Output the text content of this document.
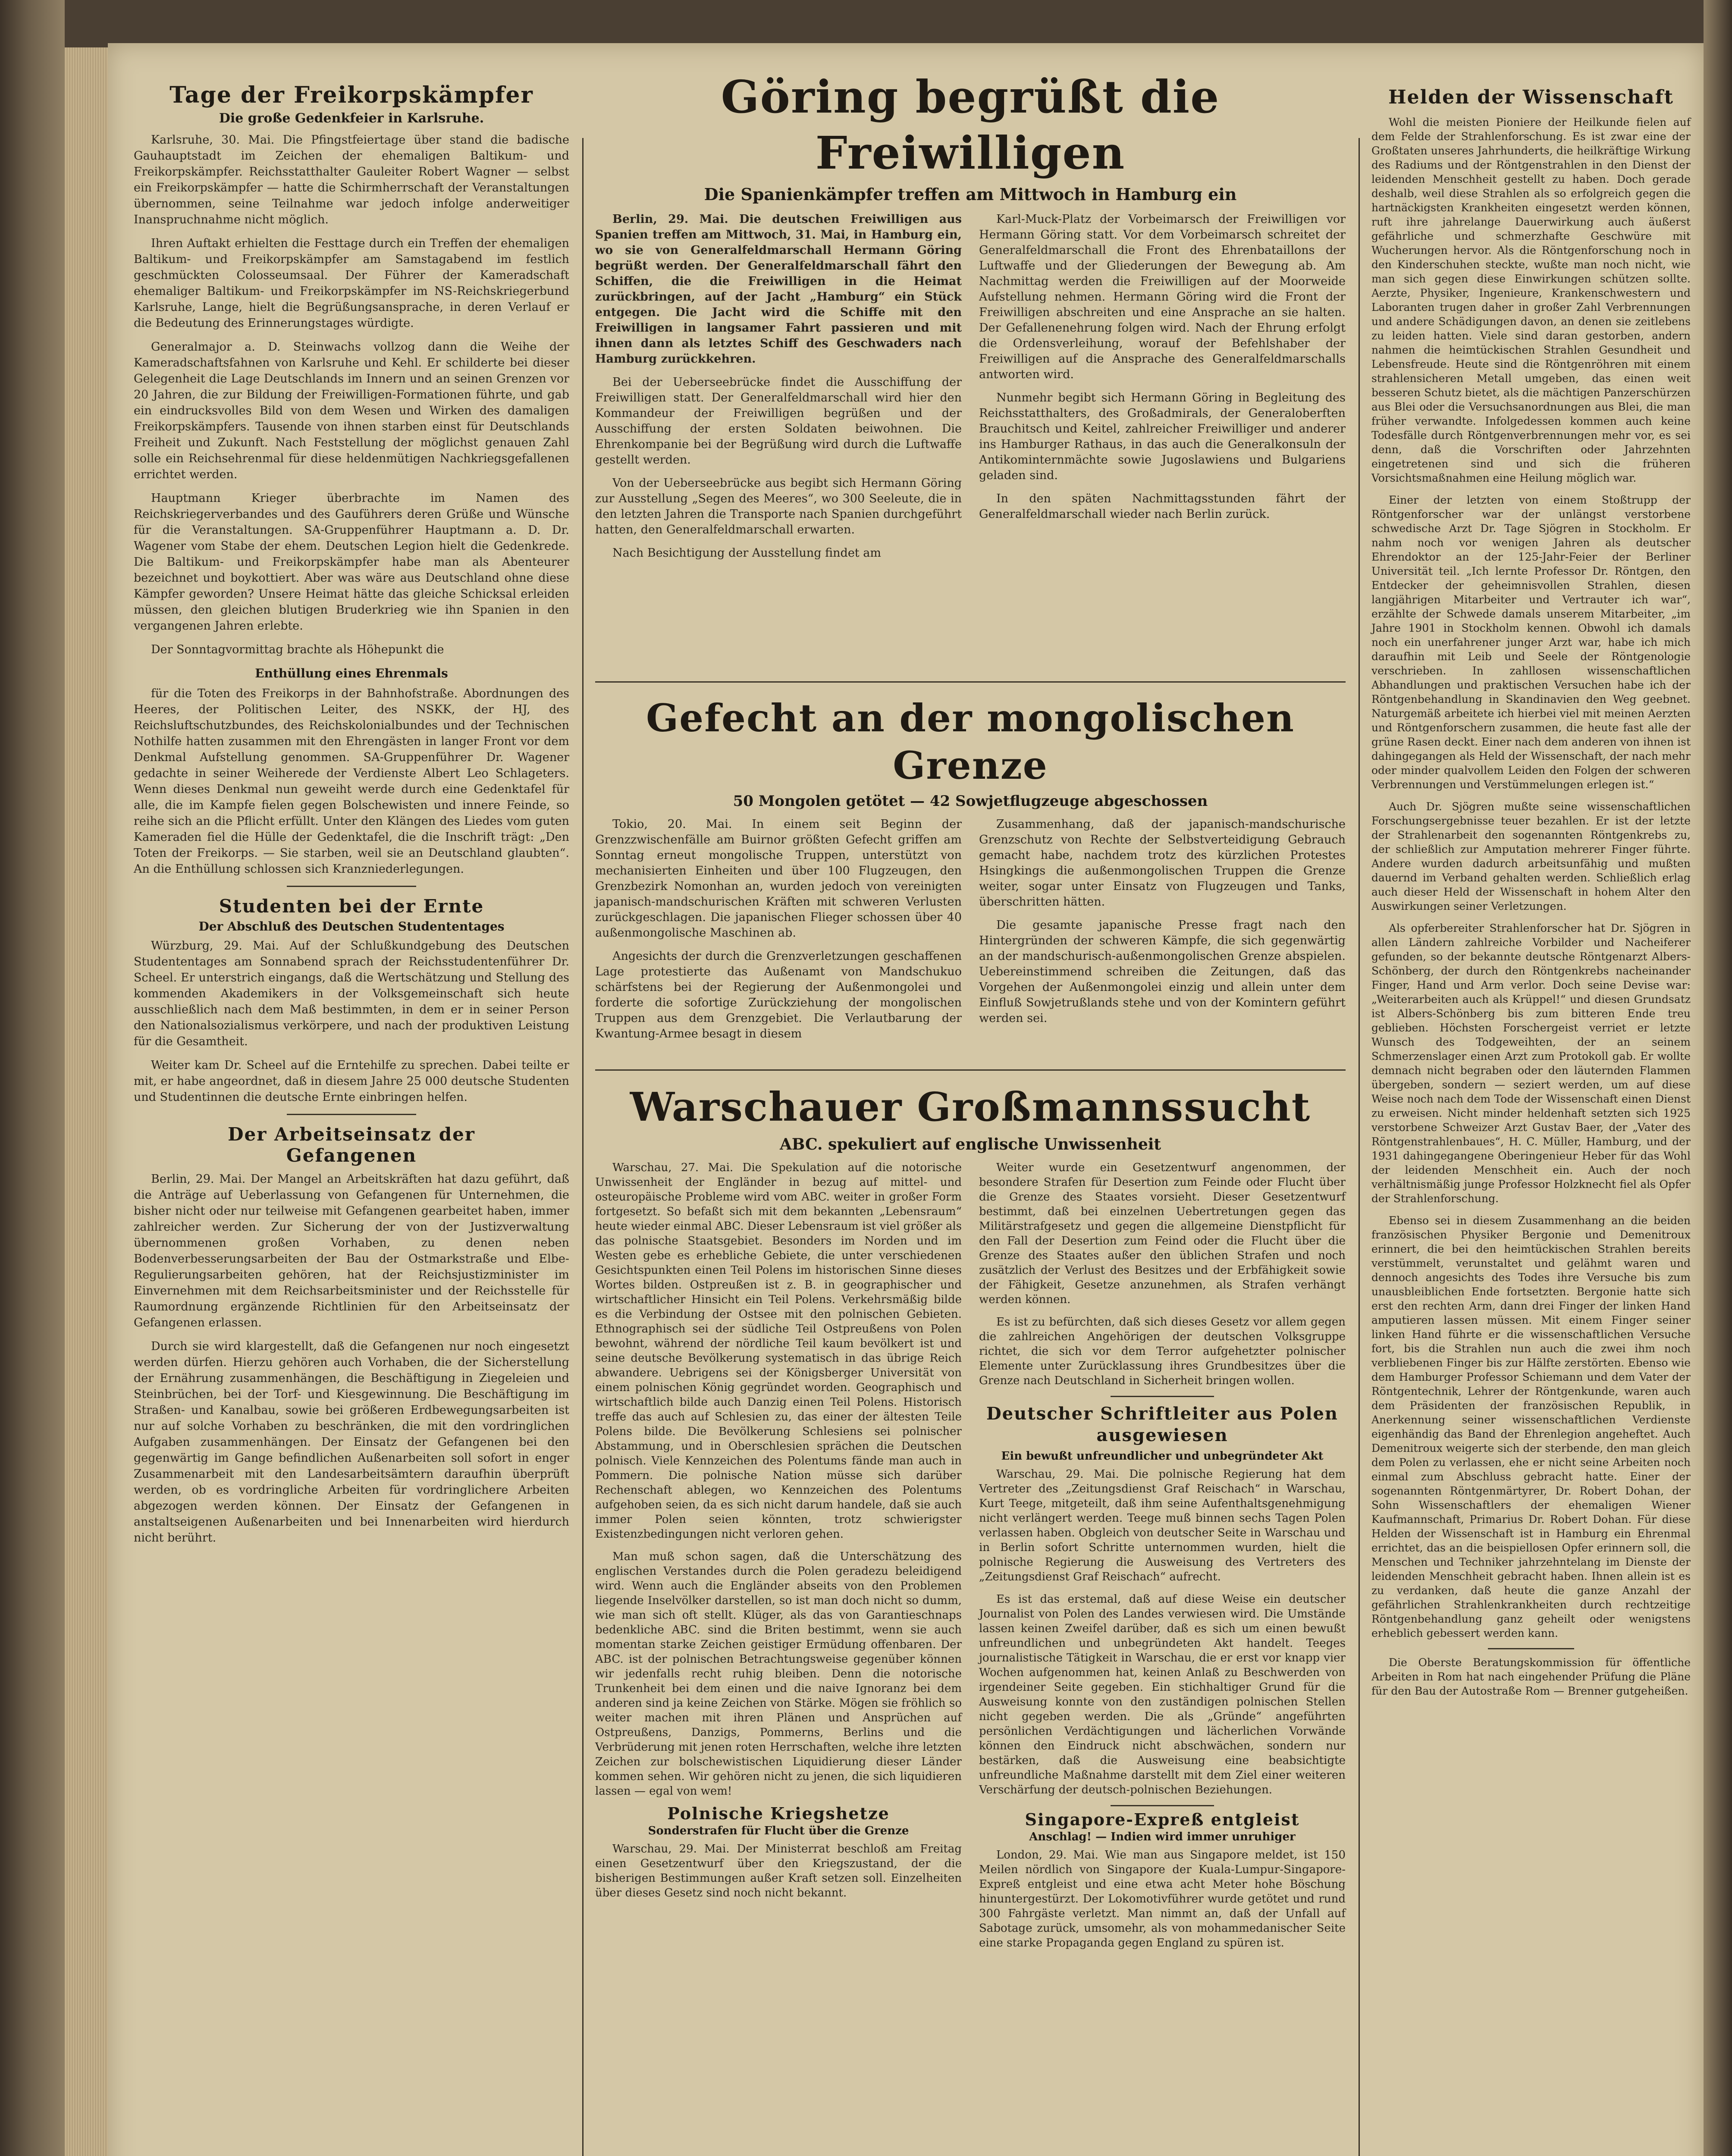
Tage der Freikorpskämpfer
Die große Gedenkfeier in Karlsruhe.

Karlsruhe, 30. Mai. Die Pfingstfeiertage über stand die badische Gauhauptstadt im Zeichen der ehemaligen Baltikum- und Freikorpskämpfer. Reichsstatthalter Gauleiter Robert Wagner — selbst ein Freikorpskämpfer — hatte die Schirmherrschaft der Veranstaltungen übernommen, seine Teilnahme war jedoch infolge anderweitiger Inanspruchnahme nicht möglich.

Ihren Auftakt erhielten die Festtage durch ein Treffen der ehemaligen Baltikum- und Freikorpskämpfer am Samstagabend im festlich geschmückten Colosseumsaal. Der Führer der Kameradschaft ehemaliger Baltikum- und Freikorpskämpfer im NS-Reichskriegerbund Karlsruhe, Lange, hielt die Begrüßungsansprache, in deren Verlauf er die Bedeutung des Erinnerungstages würdigte.

Generalmajor a. D. Steinwachs vollzog dann die Weihe der Kameradschaftsfahnen von Karlsruhe und Kehl. Er schilderte bei dieser Gelegenheit die Lage Deutschlands im Innern und an seinen Grenzen vor 20 Jahren, die zur Bildung der Freiwilligen-Formationen führte, und gab ein eindrucksvolles Bild von dem Wesen und Wirken des damaligen Freikorpskämpfers. Tausende von ihnen starben einst für Deutschlands Freiheit und Zukunft. Nach Feststellung der möglichst genauen Zahl solle ein Reichsehrenmal für diese heldenmütigen Nachkriegsgefallenen errichtet werden.

Hauptmann Krieger überbrachte im Namen des Reichskriegerverbandes und des Gauführers deren Grüße und Wünsche für die Veranstaltungen. SA-Gruppenführer Hauptmann a. D. Dr. Wagener vom Stabe der ehem. Deutschen Legion hielt die Gedenkrede. Die Baltikum- und Freikorpskämpfer habe man als Abenteurer bezeichnet und boykottiert. Aber was wäre aus Deutschland ohne diese Kämpfer geworden? Unsere Heimat hätte das gleiche Schicksal erleiden müssen, den gleichen blutigen Bruderkrieg wie ihn Spanien in den vergangenen Jahren erlebte.

Der Sonntagvormittag brachte als Höhepunkt die

Enthüllung eines Ehrenmals

für die Toten des Freikorps in der Bahnhofstraße. Abordnungen des Heeres, der Politischen Leiter, des NSKK, der HJ, des Reichsluftschutzbundes, des Reichskolonialbundes und der Technischen Nothilfe hatten zusammen mit den Ehrengästen in langer Front vor dem Denkmal Aufstellung genommen. SA-Gruppenführer Dr. Wagener gedachte in seiner Weiherede der Verdienste Albert Leo Schlageters. Wenn dieses Denkmal nun geweiht werde durch eine Gedenktafel für alle, die im Kampfe fielen gegen Bolschewisten und innere Feinde, so reihe sich an die Pflicht erfüllt. Unter den Klängen des Liedes vom guten Kameraden fiel die Hülle der Gedenktafel, die die Inschrift trägt: „Den Toten der Freikorps. — Sie starben, weil sie an Deutschland glaubten“. An die Enthüllung schlossen sich Kranzniederlegungen.

Studenten bei der Ernte
Der Abschluß des Deutschen Studententages

Würzburg, 29. Mai. Auf der Schlußkundgebung des Deutschen Studententages am Sonnabend sprach der Reichsstudentenführer Dr. Scheel. Er unterstrich eingangs, daß die Wertschätzung und Stellung des kommenden Akademikers in der Volksgemeinschaft sich heute ausschließlich nach dem Maß bestimmten, in dem er in seiner Person den Nationalsozialismus verkörpere, und nach der produktiven Leistung für die Gesamtheit.

Weiter kam Dr. Scheel auf die Erntehilfe zu sprechen. Dabei teilte er mit, er habe angeordnet, daß in diesem Jahre 25 000 deutsche Studenten und Studentinnen die deutsche Ernte einbringen helfen.

Der Arbeitseinsatz der Gefangenen

Berlin, 29. Mai. Der Mangel an Arbeitskräften hat dazu geführt, daß die Anträge auf Ueberlassung von Gefangenen für Unternehmen, die bisher nicht oder nur teilweise mit Gefangenen gearbeitet haben, immer zahlreicher werden. Zur Sicherung der von der Justizverwaltung übernommenen großen Vorhaben, zu denen neben Bodenverbesserungsarbeiten der Bau der Ostmarkstraße und Elbe-Regulierungsarbeiten gehören, hat der Reichsjustizminister im Einvernehmen mit dem Reichsarbeitsminister und der Reichsstelle für Raumordnung ergänzende Richtlinien für den Arbeitseinsatz der Gefangenen erlassen.

Durch sie wird klargestellt, daß die Gefangenen nur noch eingesetzt werden dürfen. Hierzu gehören auch Vorhaben, die der Sicherstellung der Ernährung zusammenhängen, die Beschäftigung in Ziegeleien und Steinbrüchen, bei der Torf- und Kiesgewinnung. Die Beschäftigung im Straßen- und Kanalbau, sowie bei größeren Erdbewegungsarbeiten ist nur auf solche Vorhaben zu beschränken, die mit den vordringlichen Aufgaben zusammenhängen. Der Einsatz der Gefangenen bei den gegenwärtig im Gange befindlichen Außenarbeiten soll sofort in enger Zusammenarbeit mit den Landesarbeitsämtern daraufhin überprüft werden, ob es vordringliche Arbeiten für vordringlichere Arbeiten abgezogen werden können. Der Einsatz der Gefangenen in anstaltseigenen Außenarbeiten und bei Innenarbeiten wird hierdurch nicht berührt.

Göring begrüßt die Freiwilligen
Die Spanienkämpfer treffen am Mittwoch in Hamburg ein

Berlin, 29. Mai. Die deutschen Freiwilligen aus Spanien treffen am Mittwoch, 31. Mai, in Hamburg ein, wo sie von Generalfeldmarschall Hermann Göring begrüßt werden. Der Generalfeldmarschall fährt den Schiffen, die die Freiwilligen in die Heimat zurückbringen, auf der Jacht „Hamburg“ ein Stück entgegen. Die Jacht wird die Schiffe mit den Freiwilligen in langsamer Fahrt passieren und mit ihnen dann als letztes Schiff des Geschwaders nach Hamburg zurückkehren.

Bei der Ueberseebrücke findet die Ausschiffung der Freiwilligen statt. Der Generalfeldmarschall wird hier den Kommandeur der Freiwilligen begrüßen und der Ausschiffung der ersten Soldaten beiwohnen. Die Ehrenkompanie bei der Begrüßung wird durch die Luftwaffe gestellt werden.

Von der Ueberseebrücke aus begibt sich Hermann Göring zur Ausstellung „Segen des Meeres“, wo 300 Seeleute, die in den letzten Jahren die Transporte nach Spanien durchgeführt hatten, den Generalfeldmarschall erwarten.

Nach Besichtigung der Ausstellung findet am

Karl-Muck-Platz der Vorbeimarsch der Freiwilligen vor Hermann Göring statt. Vor dem Vorbeimarsch schreitet der Generalfeldmarschall die Front des Ehrenbataillons der Luftwaffe und der Gliederungen der Bewegung ab. Am Nachmittag werden die Freiwilligen auf der Moorweide Aufstellung nehmen. Hermann Göring wird die Front der Freiwilligen abschreiten und eine Ansprache an sie halten. Der Gefallenenehrung folgen wird. Nach der Ehrung erfolgt die Ordensverleihung, worauf der Befehlshaber der Freiwilligen auf die Ansprache des Generalfeldmarschalls antworten wird.

Nunmehr begibt sich Hermann Göring in Begleitung des Reichsstatthalters, des Großadmirals, der Generaloberften Brauchitsch und Keitel, zahlreicher Freiwilliger und anderer ins Hamburger Rathaus, in das auch die Generalkonsuln der Antikominternmächte sowie Jugoslawiens und Bulgariens geladen sind.

In den späten Nachmittagsstunden fährt der Generalfeldmarschall wieder nach Berlin zurück.

Gefecht an der mongolischen Grenze
50 Mongolen getötet — 42 Sowjetflugzeuge abgeschossen

Tokio, 20. Mai. In einem seit Beginn der Grenzzwischenfälle am Buirnor größten Gefecht griffen am Sonntag erneut mongolische Truppen, unterstützt von mechanisierten Einheiten und über 100 Flugzeugen, den Grenzbezirk Nomonhan an, wurden jedoch von vereinigten japanisch-mandschurischen Kräften mit schweren Verlusten zurückgeschlagen. Die japanischen Flieger schossen über 40 außenmongolische Maschinen ab.

Angesichts der durch die Grenzverletzungen geschaffenen Lage protestierte das Außenamt von Mandschukuo schärfstens bei der Regierung der Außenmongolei und forderte die sofortige Zurückziehung der mongolischen Truppen aus dem Grenzgebiet. Die Verlautbarung der Kwantung-Armee besagt in diesem

Zusammenhang, daß der japanisch-mandschurische Grenzschutz von Rechte der Selbstverteidigung Gebrauch gemacht habe, nachdem trotz des kürzlichen Protestes Hsingkings die außenmongolischen Truppen die Grenze weiter, sogar unter Einsatz von Flugzeugen und Tanks, überschritten hätten.

Die gesamte japanische Presse fragt nach den Hintergründen der schweren Kämpfe, die sich gegenwärtig an der mandschurisch-außenmongolischen Grenze abspielen. Uebereinstimmend schreiben die Zeitungen, daß das Vorgehen der Außenmongolei einzig und allein unter dem Einfluß Sowjetrußlands stehe und von der Komintern geführt werden sei.

Warschauer Großmannssucht
ABC. spekuliert auf englische Unwissenheit

Warschau, 27. Mai. Die Spekulation auf die notorische Unwissenheit der Engländer in bezug auf mittel- und osteuropäische Probleme wird vom ABC. weiter in großer Form fortgesetzt. So befaßt sich mit dem bekannten „Lebensraum“ heute wieder einmal ABC. Dieser Lebensraum ist viel größer als das polnische Staatsgebiet. Besonders im Norden und im Westen gebe es erhebliche Gebiete, die unter verschiedenen Gesichtspunkten einen Teil Polens im historischen Sinne dieses Wortes bilden. Ostpreußen ist z. B. in geographischer und wirtschaftlicher Hinsicht ein Teil Polens. Verkehrsmäßig bilde es die Verbindung der Ostsee mit den polnischen Gebieten. Ethnographisch sei der südliche Teil Ostpreußens von Polen bewohnt, während der nördliche Teil kaum bevölkert ist und seine deutsche Bevölkerung systematisch in das übrige Reich abwandere. Uebrigens sei der Königsberger Universität von einem polnischen König gegründet worden. Geographisch und wirtschaftlich bilde auch Danzig einen Teil Polens. Historisch treffe das auch auf Schlesien zu, das einer der ältesten Teile Polens bilde. Die Bevölkerung Schlesiens sei polnischer Abstammung, und in Oberschlesien sprächen die Deutschen polnisch. Viele Kennzeichen des Polentums fände man auch in Pommern. Die polnische Nation müsse sich darüber Rechenschaft ablegen, wo Kennzeichen des Polentums aufgehoben seien, da es sich nicht darum handele, daß sie auch immer Polen seien könnten, trotz schwierigster Existenzbedingungen nicht verloren gehen.

Man muß schon sagen, daß die Unterschätzung des englischen Verstandes durch die Polen geradezu beleidigend wird. Wenn auch die Engländer abseits von den Problemen liegende Inselvölker darstellen, so ist man doch nicht so dumm, wie man sich oft stellt. Klüger, als das von Garantieschnaps bedenkliche ABC. sind die Briten bestimmt, wenn sie auch momentan starke Zeichen geistiger Ermüdung offenbaren. Der ABC. ist der polnischen Betrachtungsweise gegenüber können wir jedenfalls recht ruhig bleiben. Denn die notorische Trunkenheit bei dem einen und die naive Ignoranz bei dem anderen sind ja keine Zeichen von Stärke. Mögen sie fröhlich so weiter machen mit ihren Plänen und Ansprüchen auf Ostpreußens, Danzigs, Pommerns, Berlins und die Verbrüderung mit jenen roten Herrschaften, welche ihre letzten Zeichen zur bolschewistischen Liquidierung dieser Länder kommen sehen. Wir gehören nicht zu jenen, die sich liquidieren lassen — egal von wem!

Polnische Kriegshetze
Sonderstrafen für Flucht über die Grenze

Warschau, 29. Mai. Der Ministerrat beschloß am Freitag einen Gesetzentwurf über den Kriegszustand, der die bisherigen Bestimmungen außer Kraft setzen soll. Einzelheiten über dieses Gesetz sind noch nicht bekannt.

Weiter wurde ein Gesetzentwurf angenommen, der besondere Strafen für Desertion zum Feinde oder Flucht über die Grenze des Staates vorsieht. Dieser Gesetzentwurf bestimmt, daß bei einzelnen Uebertretungen gegen das Militärstrafgesetz und gegen die allgemeine Dienstpflicht für den Fall der Desertion zum Feind oder die Flucht über die Grenze des Staates außer den üblichen Strafen und noch zusätzlich der Verlust des Besitzes und der Erbfähigkeit sowie der Fähigkeit, Gesetze anzunehmen, als Strafen verhängt werden können.

Es ist zu befürchten, daß sich dieses Gesetz vor allem gegen die zahlreichen Angehörigen der deutschen Volksgruppe richtet, die sich vor dem Terror aufgehetzter polnischer Elemente unter Zurücklassung ihres Grundbesitzes über die Grenze nach Deutschland in Sicherheit bringen wollen.

Deutscher Schriftleiter aus Polen ausgewiesen
Ein bewußt unfreundlicher und unbegründeter Akt

Warschau, 29. Mai. Die polnische Regierung hat dem Vertreter des „Zeitungsdienst Graf Reischach“ in Warschau, Kurt Teege, mitgeteilt, daß ihm seine Aufenthaltsgenehmigung nicht verlängert werden. Teege muß binnen sechs Tagen Polen verlassen haben. Obgleich von deutscher Seite in Warschau und in Berlin sofort Schritte unternommen wurden, hielt die polnische Regierung die Ausweisung des Vertreters des „Zeitungsdienst Graf Reischach“ aufrecht.

Es ist das erstemal, daß auf diese Weise ein deutscher Journalist von Polen des Landes verwiesen wird. Die Umstände lassen keinen Zweifel darüber, daß es sich um einen bewußt unfreundlichen und unbegründeten Akt handelt. Teeges journalistische Tätigkeit in Warschau, die er erst vor knapp vier Wochen aufgenommen hat, keinen Anlaß zu Beschwerden von irgendeiner Seite gegeben. Ein stichhaltiger Grund für die Ausweisung konnte von den zuständigen polnischen Stellen nicht gegeben werden. Die als „Gründe“ angeführten persönlichen Verdächtigungen und lächerlichen Vorwände können den Eindruck nicht abschwächen, sondern nur bestärken, daß die Ausweisung eine beabsichtigte unfreundliche Maßnahme darstellt mit dem Ziel einer weiteren Verschärfung der deutsch-polnischen Beziehungen.

Singapore-Expreß entgleist
Anschlag! — Indien wird immer unruhiger

London, 29. Mai. Wie man aus Singapore meldet, ist 150 Meilen nördlich von Singapore der Kuala-Lumpur-Singapore-Expreß entgleist und eine etwa acht Meter hohe Böschung hinuntergestürzt. Der Lokomotivführer wurde getötet und rund 300 Fahrgäste verletzt. Man nimmt an, daß der Unfall auf Sabotage zurück, umsomehr, als von mohammedanischer Seite eine starke Propaganda gegen England zu spüren ist.

Helden der Wissenschaft

Wohl die meisten Pioniere der Heilkunde fielen auf dem Felde der Strahlenforschung. Es ist zwar eine der Großtaten unseres Jahrhunderts, die heilkräftige Wirkung des Radiums und der Röntgenstrahlen in den Dienst der leidenden Menschheit gestellt zu haben. Doch gerade deshalb, weil diese Strahlen als so erfolgreich gegen die hartnäckigsten Krankheiten eingesetzt werden können, ruft ihre jahrelange Dauerwirkung auch äußerst gefährliche und schmerzhafte Geschwüre mit Wucherungen hervor. Als die Röntgenforschung noch in den Kinderschuhen steckte, wußte man noch nicht, wie man sich gegen diese Einwirkungen schützen sollte. Aerzte, Physiker, Ingenieure, Krankenschwestern und Laboranten trugen daher in großer Zahl Verbrennungen und andere Schädigungen davon, an denen sie zeitlebens zu leiden hatten. Viele sind daran gestorben, andern nahmen die heimtückischen Strahlen Gesundheit und Lebensfreude. Heute sind die Röntgenröhren mit einem strahlensicheren Metall umgeben, das einen weit besseren Schutz bietet, als die mächtigen Panzerschürzen aus Blei oder die Versuchsanordnungen aus Blei, die man früher verwandte. Infolgedessen kommen auch keine Todesfälle durch Röntgenverbrennungen mehr vor, es sei denn, daß die Vorschriften oder Jahrzehnten eingetretenen sind und sich die früheren Vorsichtsmaßnahmen eine Heilung möglich war.

Einer der letzten von einem Stoßtrupp der Röntgenforscher war der unlängst verstorbene schwedische Arzt Dr. Tage Sjögren in Stockholm. Er nahm noch vor wenigen Jahren als deutscher Ehrendoktor an der 125-Jahr-Feier der Berliner Universität teil. „Ich lernte Professor Dr. Röntgen, den Entdecker der geheimnisvollen Strahlen, diesen langjährigen Mitarbeiter und Vertrauter ich war“, erzählte der Schwede damals unserem Mitarbeiter, „im Jahre 1901 in Stockholm kennen. Obwohl ich damals noch ein unerfahrener junger Arzt war, habe ich mich daraufhin mit Leib und Seele der Röntgenologie verschrieben. In zahllosen wissenschaftlichen Abhandlungen und praktischen Versuchen habe ich der Röntgenbehandlung in Skandinavien den Weg geebnet. Naturgemäß arbeitete ich hierbei viel mit meinen Aerzten und Röntgenforschern zusammen, die heute fast alle der grüne Rasen deckt. Einer nach dem anderen von ihnen ist dahingegangen als Held der Wissenschaft, der nach mehr oder minder qualvollem Leiden den Folgen der schweren Verbrennungen und Verstümmelungen erlegen ist.“

Auch Dr. Sjögren mußte seine wissenschaftlichen Forschungsergebnisse teuer bezahlen. Er ist der letzte der Strahlenarbeit den sogenannten Röntgenkrebs zu, der schließlich zur Amputation mehrerer Finger führte. Andere wurden dadurch arbeitsunfähig und mußten dauernd im Verband gehalten werden. Schließlich erlag auch dieser Held der Wissenschaft in hohem Alter den Auswirkungen seiner Verletzungen.

Als opferbereiter Strahlenforscher hat Dr. Sjögren in allen Ländern zahlreiche Vorbilder und Nacheiferer gefunden, so der bekannte deutsche Röntgenarzt Albers-Schönberg, der durch den Röntgenkrebs nacheinander Finger, Hand und Arm verlor. Doch seine Devise war: „Weiterarbeiten auch als Krüppel!“ und diesen Grundsatz ist Albers-Schönberg bis zum bitteren Ende treu geblieben. Höchsten Forschergeist verriet er letzte Wunsch des Todgeweihten, der an seinem Schmerzenslager einen Arzt zum Protokoll gab. Er wollte demnach nicht begraben oder den läuternden Flammen übergeben, sondern — seziert werden, um auf diese Weise noch nach dem Tode der Wissenschaft einen Dienst zu erweisen. Nicht minder heldenhaft setzten sich 1925 verstorbene Schweizer Arzt Gustav Baer, der „Vater des Röntgenstrahlenbaues“, H. C. Müller, Hamburg, und der 1931 dahingegangene Oberingenieur Heber für das Wohl der leidenden Menschheit ein. Auch der noch verhältnismäßig junge Professor Holzknecht fiel als Opfer der Strahlenforschung.

Ebenso sei in diesem Zusammenhang an die beiden französischen Physiker Bergonie und Demenitroux erinnert, die bei den heimtückischen Strahlen bereits verstümmelt, verunstaltet und gelähmt waren und dennoch angesichts des Todes ihre Versuche bis zum unausbleiblichen Ende fortsetzten. Bergonie hatte sich erst den rechten Arm, dann drei Finger der linken Hand amputieren lassen müssen. Mit einem Finger seiner linken Hand führte er die wissenschaftlichen Versuche fort, bis die Strahlen nun auch die zwei ihm noch verbliebenen Finger bis zur Hälfte zerstörten. Ebenso wie dem Hamburger Professor Schiemann und dem Vater der Röntgentechnik, Lehrer der Röntgenkunde, waren auch dem Präsidenten der französischen Republik, in Anerkennung seiner wissenschaftlichen Verdienste eigenhändig das Band der Ehrenlegion angeheftet. Auch Demenitroux weigerte sich der sterbende, den man gleich dem Polen zu verlassen, ehe er nicht seine Arbeiten noch einmal zum Abschluss gebracht hatte. Einer der sogenannten Röntgenmärtyrer, Dr. Robert Dohan, der Sohn Wissenschaftlers der ehemaligen Wiener Kaufmannschaft, Primarius Dr. Robert Dohan. Für diese Helden der Wissenschaft ist in Hamburg ein Ehrenmal errichtet, das an die beispiellosen Opfer erinnern soll, die Menschen und Techniker jahrzehntelang im Dienste der leidenden Menschheit gebracht haben. Ihnen allein ist es zu verdanken, daß heute die ganze Anzahl der gefährlichen Strahlenkrankheiten durch rechtzeitige Röntgenbehandlung ganz geheilt oder wenigstens erheblich gebessert werden kann.

Die Oberste Beratungskommission für öffentliche Arbeiten in Rom hat nach eingehender Prüfung die Pläne für den Bau der Autostraße Rom — Brenner gutgeheißen.
